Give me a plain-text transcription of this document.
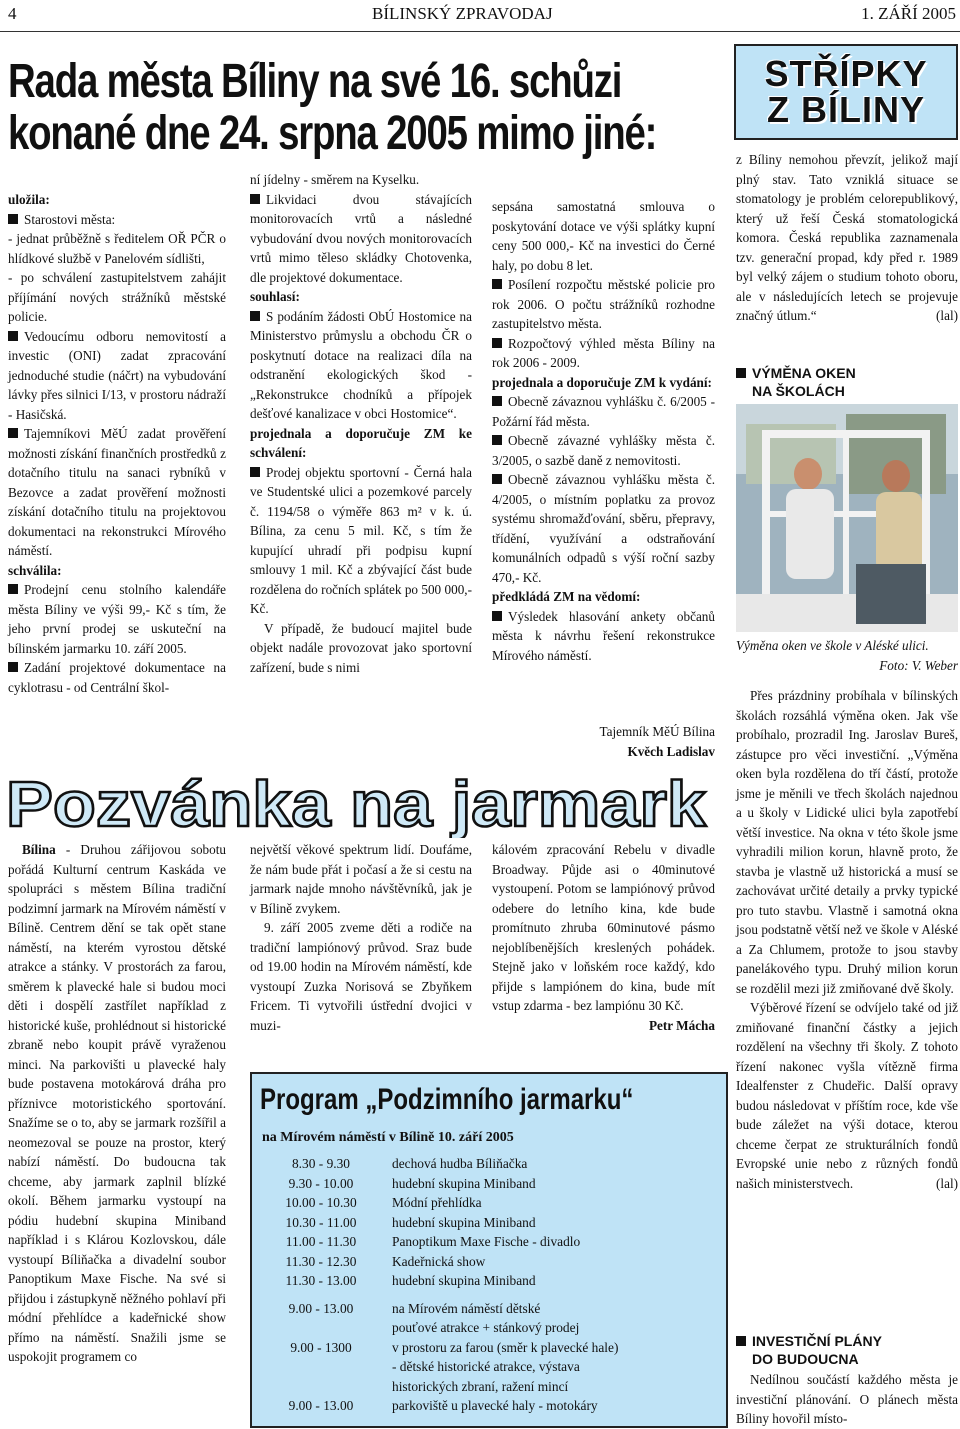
4	BÍLINSKÝ ZPRAVODAJ	1. ZÁŘÍ 2005
Rada města Bíliny na své 16. schůzi
konané dne 24. srpna 2005 mimo jiné:

uložila:

Starostovi města:

- jednat průběžně s ředitelem OŘ PČR o hlídkové službě v Panelovém sídlišti,

- po schválení zastupitelstvem zahájit příjímání nových strážníků městské policie.

Vedoucímu odboru nemovitostí a investic (ONI) zadat zpracování jednoduché studie (náčrt) na vybudování lávky přes silnici I/13, v prostoru nádraží - Hasičská.

Tajemníkovi MěÚ zadat prověření možnosti získání finančních prostředků z dotačního titulu na sanaci rybníků v Bezovce a zadat prověření možnosti získání dotačního titulu na projektovou dokumentaci na rekonstrukci Mírového náměstí.

schválila:

Prodejní cenu stolního kalendáře města Bíliny ve výši 99,- Kč s tím, že jeho první prodej se uskuteční na bílinském jarmarku 10. září 2005.

Zadání projektové dokumentace na cyklotrasu - od Centrální škol-

ní jídelny - směrem na Kyselku.

Likvidaci dvou stávajících monitorovacích vrtů a následné vybudování dvou nových monitorovacích vrtů mimo těleso skládky Chotovenka, dle projektové dokumentace.

souhlasí:

S podáním žádosti ObÚ Hostomice na Ministerstvo průmyslu a obchodu ČR o poskytnutí dotace na realizaci díla na odstranění ekologických škod - „Rekonstrukce chodníků a přípojek dešťové kanalizace v obci Hostomice“.

projednala a doporučuje ZM ke schválení:

Prodej objektu sportovní - Černá hala ve Studentské ulici a pozemkové parcely č. 1194/58 o výměře 863 m² v k. ú. Bílina, za cenu 5 mil. Kč, s tím že kupující uhradí při podpisu kupní smlouvy 1 mil. Kč a zbývající část bude rozdělena do ročních splátek po 500 000,- Kč.

V případě, že budoucí majitel bude objekt nadále provozovat jako sportovní zařízení, bude s nimi

sepsána samostatná smlouva o poskytování dotace ve výši splátky kupní ceny 500 000,- Kč na investici do Černé haly, po dobu 8 let.

Posílení rozpočtu městské policie pro rok 2006. O počtu strážníků rozhodne zastupitelstvo města.

Rozpočtový výhled města Bíliny na rok 2006 - 2009.

projednala a doporučuje ZM k vydání:

Obecně závaznou vyhlášku č. 6/2005 - Požární řád města.

Obecně závazné vyhlášky města č. 3/2005, o sazbě daně z nemovitosti.

Obecně závaznou vyhlášku města č. 4/2005, o místním poplatku za provoz systému shromažďování, sběru, přepravy, třídění, využívání a odstraňování komunálních odpadů s výší roční sazby 470,- Kč.

předkládá ZM na vědomí:

Výsledek hlasování ankety občanů města k návrhu řešení rekonstrukce Mírového náměstí.

Tajemník MěÚ Bílina
Kvěch Ladislav
STŘÍPKY
Z BÍLINY
z Bíliny nemohou převzít, jelikož mají plný stav. Tato vzniklá situace se stomatology je problém celorepublikový, který už řeší Česká stomatologická komora. Česká republika zaznamenala tzv. generační propad, kdy před r. 1989 byl velký zájem o studium tohoto oboru, ale v následujících letech se projevuje značný útlum.“	(lal)
VÝMĚNA OKEN
NA ŠKOLÁCH
Výměna oken ve škole v Aléské ulici.
Foto: V. Weber

Přes prázdniny probíhala v bílinských školách rozsáhlá výměna oken. Jak vše probíhalo, prozradil Ing. Jaroslav Bureš, zástupce pro věci investiční. „Výměna oken byla rozdělena do tří částí, protože jsme je měnili ve třech školách najednou a u školy v Lidické ulici byla zapotřebí větší investice. Na okna v této škole jsme vyhradili milion korun, hlavně proto, že stavba je vlastně už historická a musí se zachovávat určité detaily a prvky typické pro tuto stavbu. Vlastně i samotná okna jsou podstatně větší než ve škole v Aléské a Za Chlumem, protože to jsou stavby panelákového typu. Druhý milion korun se rozdělil mezi již zmiňované dvě školy.

Výběrové řízení se odvíjelo také od již zmiňované finanční částky a jejich rozdělení na všechny tři školy. Z tohoto řízení nakonec vyšla vítězně firma Idealfenster z Chudeřic. Další opravy budou následovat v příštím roce, kde vše bude záležet na výši dotace, kterou chceme čerpat ze strukturálních fondů Evropské unie nebo z různých fondů našich ministerstvech.	(lal)

INVESTIČNÍ PLÁNY
DO BUDOUCNA
Nedílnou součástí každého města je investiční plánování. O plánech města Bíliny hovořil místo-
Pozvánka na jarmark
Bílina - Druhou zářijovou sobotu pořádá Kulturní centrum Kaskáda ve spolupráci s městem Bílina tradiční podzimní jarmark na Mírovém náměstí v Bílině. Centrem dění se tak opět stane náměstí, na kterém vyrostou dětské atrakce a stánky. V prostorách za farou, směrem k plavecké hale si budou moci děti i dospělí zastřílet například z historické kuše, prohlédnout si historické zbraně nebo koupit právě vyraženou minci. Na parkovišti u plavecké haly bude postavena motokárová dráha pro příznivce motoristického sportování. Snažíme se o to, aby se jarmark rozšířil a neomezoval se pouze na prostor, který nabízí náměstí. Do budoucna tak chceme, aby jarmark zaplnil blízké okolí. Během jarmarku vystoupí na pódiu hudební skupina Miniband například i s Klárou Kozlovskou, dále vystoupí Bíliňačka a divadelní soubor Panoptikum Maxe Fische. Na své si přijdou i zástupkyně něžného pohlaví při módní přehlídce a kadeřnické show přímo na náměstí. Snažili jsme se uspokojit programem co

největší věkové spektrum lidí. Doufáme, že nám bude přát i počasí a že si cestu na jarmark najde mnoho návštěvníků, jak je v Bílině zvykem.

9. září 2005 zveme děti a rodiče na tradiční lampiónový průvod. Sraz bude od 19.00 hodin na Mírovém náměstí, kde vystoupí Zuzka Norisová se Zbyňkem Fricem. Ti vytvořili ústřední dvojici v muzi-

kálovém zpracování Rebelu v divadle Broadway. Půjde asi o 40minutové vystoupení. Potom se lampiónový průvod odebere do letního kina, kde bude promítnuto zhruba 60minutové pásmo nejoblíbenějších kreslených pohádek. Stejně jako v loňském roce každý, kdo přijde s lampiónem do kina, bude mít vstup zdarma - bez lampiónu 30 Kč.
Petr Mácha
Program „Podzimního jarmarku“
na Mírovém náměstí v Bílině 10. září 2005
8.30 - 9.30	dechová hudba Bíliňačka
9.30 - 10.00	hudební skupina Miniband
10.00 - 10.30	Módní přehlídka
10.30 - 11.00	hudební skupina Miniband
11.00 - 11.30	Panoptikum Maxe Fische - divadlo
11.30 - 12.30	Kadeřnická show
11.30 - 13.00	hudební skupina Miniband
9.00 - 13.00	na Mírovém náměstí dětské
pouťové atrakce + stánkový prodej
9.00 - 1300	v prostoru za farou (směr k plavecké hale)
- dětské historické atrakce, výstava
historických zbraní, ražení mincí
9.00 - 13.00	parkoviště u plavecké haly - motokáry
